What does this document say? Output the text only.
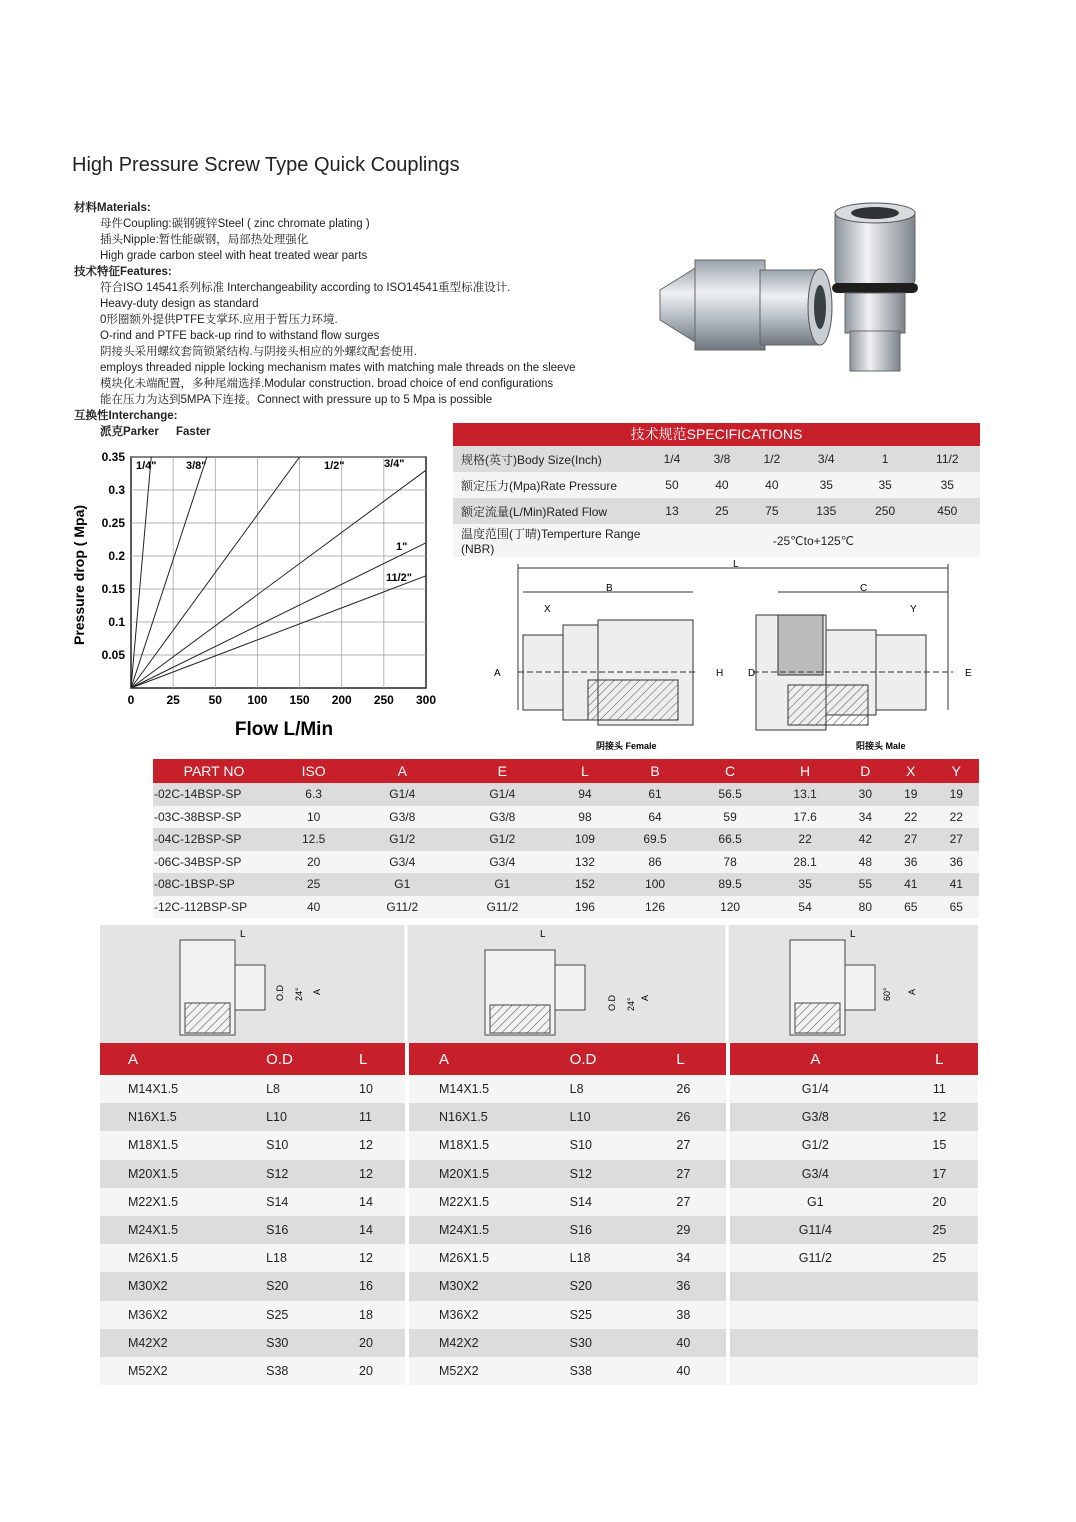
High Pressure Screw Type Quick Couplings
材料Materials:
母件Coupling:碳钢镀锌Steel ( zinc chromate plating )
插头Nipple:暂性能碳钢，局部热处理强化
High grade carbon steel with heat treated wear parts
技术特征Features:
符合ISO 14541系列标准 Interchangeability according to ISO14541重型标准设计.
Heavy-duty design as standard
0形圈额外提供PTFE支掌环.应用于暂压力环境.
O-rind and PTFE back-up rind to withstand flow surges
阴接头采用螺纹套筒锁紧结构.与阴接头相应的外螺纹配套使用.
employs threaded nipple locking mechanism mates with matching male threads on the sleeve
模块化未端配置，多种尾端选择.Modular construction. broad choice of end configurations
能在压力为达到5MPA下连接。Connect with pressure up to 5 Mpa is possible
互换性Interchange:
派克Parker Faster
0	25 50 100 150 200 250 300
0.35
0.3
0.25
0.2
0.15
0.1
0.05
Pressure drop ( Mpa)
Flow L/Min
1/4"	3/8"	1/2"	3/4"
1"
11/2"
技术规范SPECIFICATIONS
规格(英寸)Body Size(Inch)	1/4	3/8	1/2	3/4	1	11/2
额定压力(Mpa)Rate Pressure	50	40	40	35	35	35
额定流量(L/Min)Rated Flow	13	25	75	135	250	450
温度范围(丁晴)Temperture Range (NBR)	-25℃to+125℃					
L
B	C
X	Y
A	H D	E
阴接头 Female	阳接头 Male
PART NO	ISO	A	E	L	B	C	H	D	X	Y
-02C-14BSP-SP	6.3	G1/4	G1/4	94	61	56.5	13.1	30	19	19
-03C-38BSP-SP	10	G3/8	G3/8	98	64	59	17.6	34	22	22
-04C-12BSP-SP	12.5	G1/2	G1/2	109	69.5	66.5	22	42	27	27
-06C-34BSP-SP	20	G3/4	G3/4	132	86	78	28.1	48	36	36
-08C-1BSP-SP	25	G1	G1	152	100	89.5	35	55	41	41
-12C-112BSP-SP	40	G11/2	G11/2	196	126	120	54	80	65	65
L
O.D 24° A
L
O.D 24° A
L
60° A
A	O.D	L
M14X1.5	L8	10
N16X1.5	L10	11
M18X1.5	S10	12
M20X1.5	S12	12
M22X1.5	S14	14
M24X1.5	S16	14
M26X1.5	L18	12
M30X2	S20	16
M36X2	S25	18
M42X2	S30	20
M52X2	S38	20
A	O.D	L
M14X1.5	L8	26
N16X1.5	L10	26
M18X1.5	S10	27
M20X1.5	S12	27
M22X1.5	S14	27
M24X1.5	S16	29
M26X1.5	L18	34
M30X2	S20	36
M36X2	S25	38
M42X2	S30	40
M52X2	S38	40
A	L
G1/4	11
G3/8	12
G1/2	15
G3/4	17
G1	20
G11/4	25
G11/2	25
